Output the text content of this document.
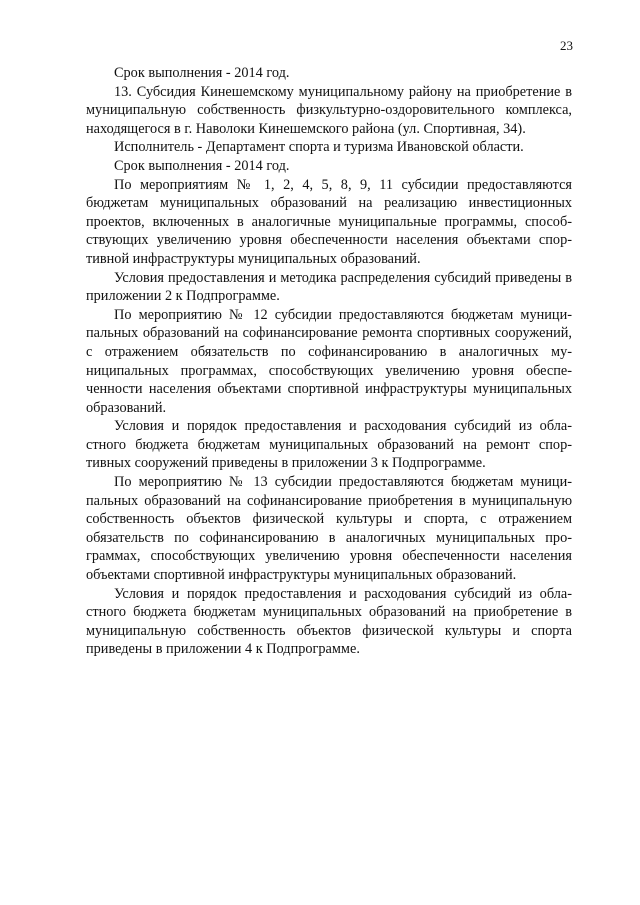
23

Срок выполнения - 2014 год.

13. Субсидия Кинешемскому муниципальному району на приобретение в муниципальную собственность физкультурно-оздоровительного комплекса, находящегося в г. Наволоки Кинешемского района (ул. Спортивная, 34).

Исполнитель - Департамент спорта и туризма Ивановской области.

Срок выполнения - 2014 год.

По мероприятиям № 1, 2, 4, 5, 8, 9, 11 субсидии предоставляются бюджетам муниципальных образований на реализацию инвестиционных проектов, включенных в аналогичные муниципальные программы, способствующих увеличению уровня обеспеченности населения объектами спортивной инфраструктуры муниципальных образований.

Условия предоставления и методика распределения субсидий приведены в приложении 2 к Подпрограмме.

По мероприятию № 12 субсидии предоставляются бюджетам муниципальных образований на софинансирование ремонта спортивных сооружений, с отражением обязательств по софинансированию в аналогичных муниципальных программах, способствующих увеличению уровня обеспеченности населения объектами спортивной инфраструктуры муниципальных образований.

Условия и порядок предоставления и расходования субсидий из областного бюджета бюджетам муниципальных образований на ремонт спортивных сооружений приведены в приложении 3 к Подпрограмме.

По мероприятию № 13 субсидии предоставляются бюджетам муниципальных образований на софинансирование приобретения в муниципальную собственность объектов физической культуры и спорта, с отражением обязательств по софинансированию в аналогичных муниципальных программах, способствующих увеличению уровня обеспеченности населения объектами спортивной инфраструктуры муниципальных образований.

Условия и порядок предоставления и расходования субсидий из областного бюджета бюджетам муниципальных образований на приобретение в муниципальную собственность объектов физической культуры и спорта приведены в приложении 4 к Подпрограмме.
